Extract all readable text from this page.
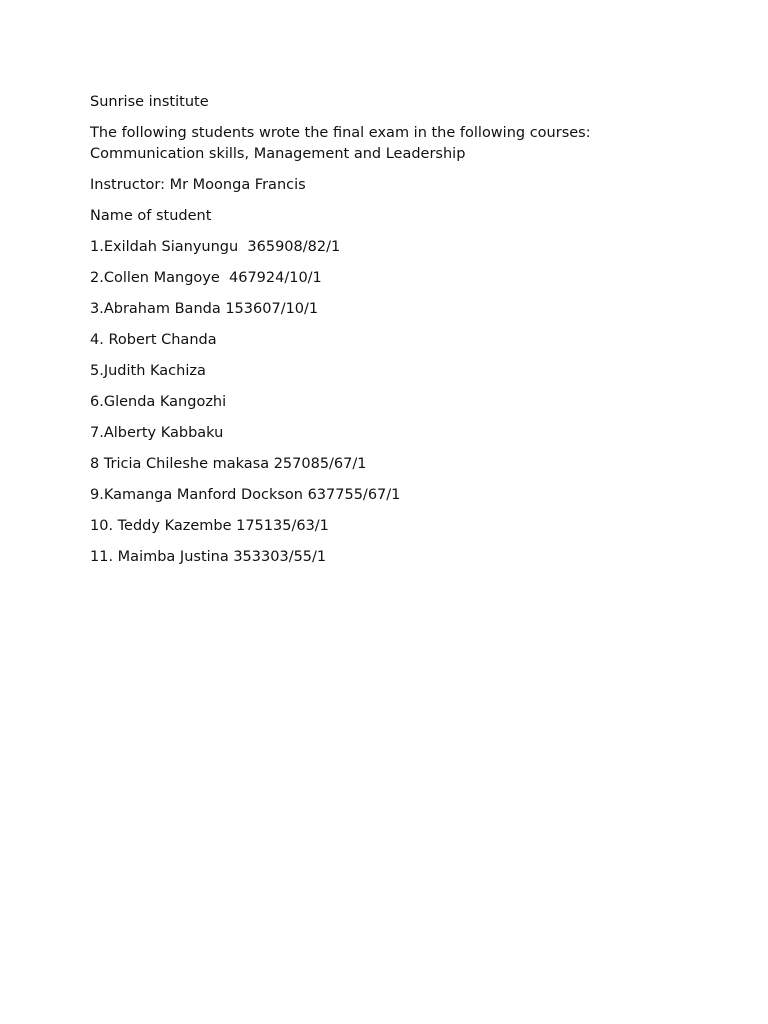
Sunrise institute

The following students wrote the final exam in the following courses: Communication skills, Management and Leadership

Instructor: Mr Moonga Francis

Name of student

1.Exildah Sianyungu  365908/82/1

2.Collen Mangoye  467924/10/1

3.Abraham Banda 153607/10/1

4. Robert Chanda

5.Judith Kachiza

6.Glenda Kangozhi

7.Alberty Kabbaku

8 Tricia Chileshe makasa 257085/67/1

9.Kamanga Manford Dockson 637755/67/1

10. Teddy Kazembe 175135/63/1

11. Maimba Justina 353303/55/1
